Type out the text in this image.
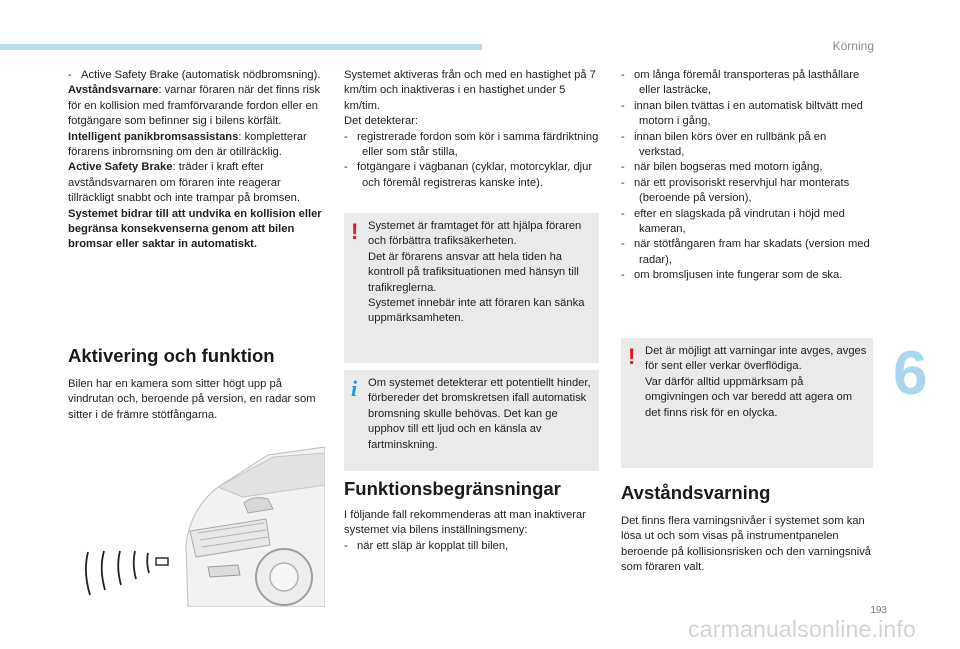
Körning
6

-   Active Safety Brake (automatisk nödbromsning).

Avståndsvarnare: varnar föraren när det finns risk för en kollision med framförvarande fordon eller en fotgängare som befinner sig i bilens körfält.

Intelligent panikbromsassistans: kompletterar förarens inbromsning om den är otillräcklig.

Active Safety Brake: träder i kraft efter avståndsvarnaren om föraren inte reagerar tillräckligt snabbt och inte trampar på bromsen.

Systemet bidrar till att undvika en kollision eller begränsa konsekvenserna genom att bilen bromsar eller saktar in automatiskt.

Aktivering och funktion

Bilen har en kamera som sitter högt upp på vindrutan och, beroende på version, en radar som sitter i de främre stötfångarna.

Systemet aktiveras från och med en hastighet på 7 km/tim och inaktiveras i en hastighet under 5 km/tim.

Det detekterar:

-   registrerade fordon som kör i samma färdriktning eller som står stilla,

-   fotgängare i vägbanan (cyklar, motorcyklar, djur och föremål registreras kanske inte).

! Systemet är framtaget för att hjälpa föraren och förbättra trafiksäkerheten.

Det är förarens ansvar att hela tiden ha kontroll på trafiksituationen med hänsyn till trafikreglerna.

Systemet innebär inte att föraren kan sänka uppmärksamheten.

i Om systemet detekterar ett potentiellt hinder, förbereder det bromskretsen ifall automatisk bromsning skulle behövas. Det kan ge upphov till ett ljud och en känsla av fartminskning.

Funktionsbegränsningar

I följande fall rekommenderas att man inaktiverar systemet via bilens inställningsmeny:

-   när ett släp är kopplat till bilen,

-   om långa föremål transporteras på lasthållare eller lasträcke,

-   innan bilen tvättas i en automatisk biltvätt med motorn i gång,

-   innan bilen körs över en rullbänk på en verkstad,

-   när bilen bogseras med motorn igång,

-   när ett provisoriskt reservhjul har monterats (beroende på version),

-   efter en slagskada på vindrutan i höjd med kameran,

-   när stötfångaren fram har skadats (version med radar),

-   om bromsljusen inte fungerar som de ska.

! Det är möjligt att varningar inte avges, avges för sent eller verkar överflödiga.

Var därför alltid uppmärksam på omgivningen och var beredd att agera om det finns risk för en olycka.

Avståndsvarning

Det finns flera varningsnivåer i systemet som kan lösa ut och som visas på instrumentpanelen beroende på kollisionsrisken och den varningsnivå som föraren valt.

193
carmanualsonline.info
